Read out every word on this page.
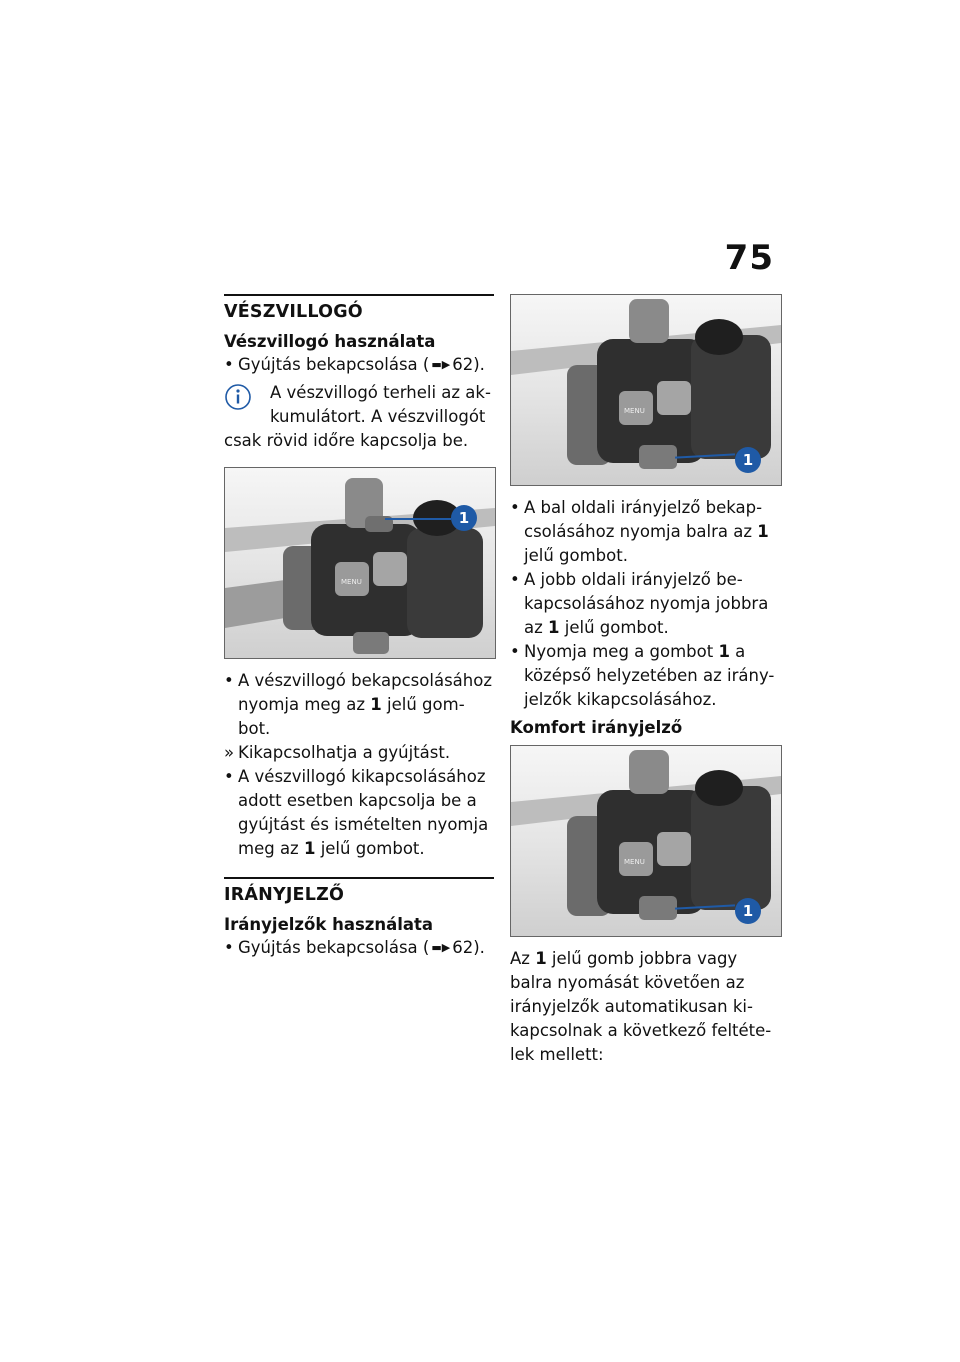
75
VÉSZVILLOGÓ
Vészvillogó használata
• Gyújtás bekapcsolása ( ▬▶ 62).
A vészvillogó terheli az ak-
kumulátort. A vészvillogót
csak rövid időre kapcsolja be.
MENU
1
• A vészvillogó bekapcsolásához
nyomja meg az 1 jelű gom-
bot.
» Kikapcsolhatja a gyújtást.
• A vészvillogó kikapcsolásához
adott esetben kapcsolja be a
gyújtást és ismételten nyomja
meg az 1 jelű gombot.
IRÁNYJELZŐ
Irányjelzők használata
• Gyújtás bekapcsolása ( ▬▶ 62).
MENU
1
• A bal oldali irányjelző bekap-
csolásához nyomja balra az 1
jelű gombot.
• A jobb oldali irányjelző be-
kapcsolásához nyomja jobbra
az 1 jelű gombot.
• Nyomja meg a gombot 1 a
középső helyzetében az irány-
jelzők kikapcsolásához.
Komfort irányjelző
MENU
1
Az 1 jelű gomb jobbra vagy
balra nyomását követően az
irányjelzők automatikusan ki-
kapcsolnak a következő feltéte-
lek mellett:
